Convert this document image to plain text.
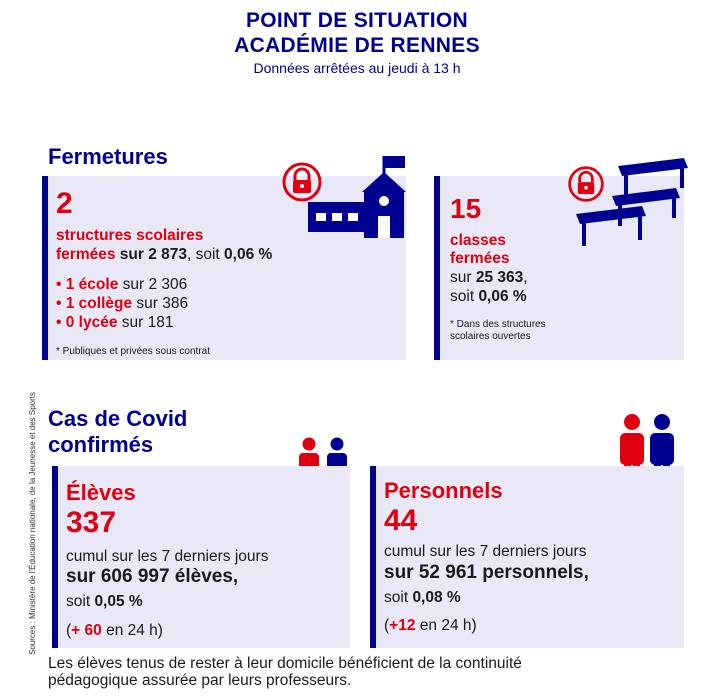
POINT DE SITUATION
ACADÉMIE DE RENNES
Données arrêtées au jeudi à 13 h
Fermetures
2
structures scolaires
fermées sur 2 873, soit 0,06 %
• 1 école sur 2 306
• 1 collège sur 386
• 0 lycée sur 181
* Publiques et privées sous contrat
15
classes
fermées
sur 25 363,
soit 0,06 %
* Dans des structures
scolaires ouvertes
Cas de Covid
confirmés
Élèves
337
cumul sur les 7 derniers jours
sur 606 997 élèves,
soit 0,05 %
(+ 60 en 24 h)
Personnels
44
cumul sur les 7 derniers jours
sur 52 961 personnels,
soit 0,08 %
(+12 en 24 h)
Sources : Ministère de l'Éducation nationale, de la Jeunesse et des Sports
Les élèves tenus de rester à leur domicile bénéficient de la continuité
pédagogique assurée par leurs professeurs.
